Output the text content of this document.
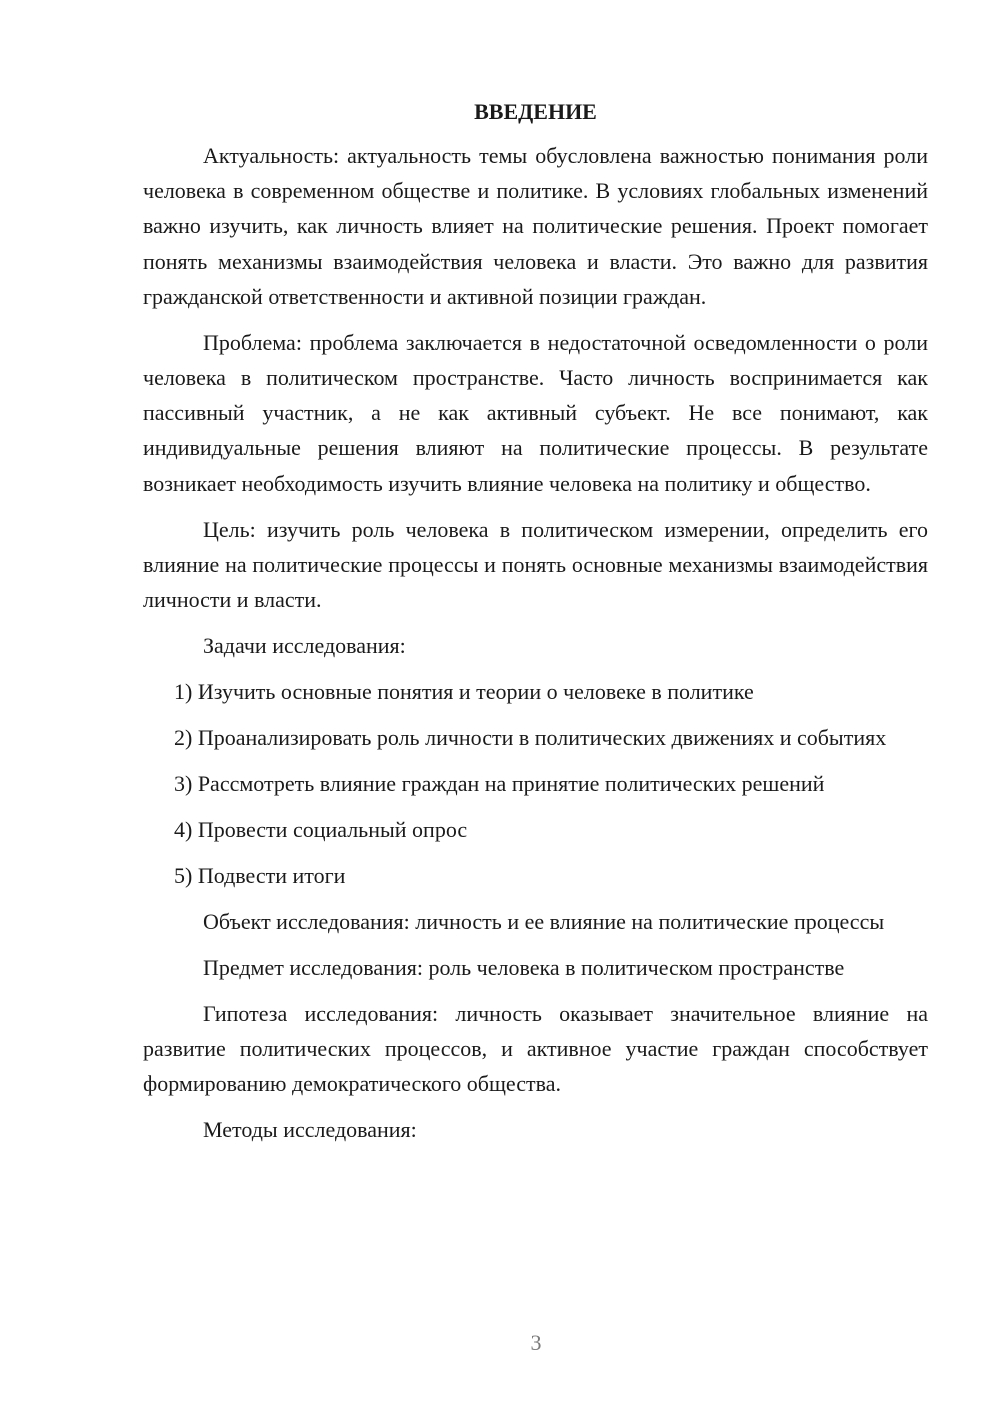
ВВЕДЕНИЕ

Актуальность: актуальность темы обусловлена важностью понимания роли человека в современном обществе и политике. В условиях глобальных изменений важно изучить, как личность влияет на политические решения. Проект помогает понять механизмы взаимодействия человека и власти. Это важно для развития гражданской ответственности и активной позиции граждан.

Проблема: проблема заключается в недостаточной осведомленности о роли человека в политическом пространстве. Часто личность воспринимается как пассивный участник, а не как активный субъект. Не все понимают, как индивидуальные решения влияют на политические процессы. В результате возникает необходимость изучить влияние человека на политику и общество.

Цель: изучить роль человека в политическом измерении, определить его влияние на политические процессы и понять основные механизмы взаимодействия личности и власти.

Задачи исследования:

1) Изучить основные понятия и теории о человеке в политике

2) Проанализировать роль личности в политических движениях и событиях

3) Рассмотреть влияние граждан на принятие политических решений

4) Провести социальный опрос

5) Подвести итоги

Объект исследования: личность и ее влияние на политические процессы

Предмет исследования: роль человека в политическом пространстве

Гипотеза исследования: личность оказывает значительное влияние на развитие политических процессов, и активное участие граждан способствует формированию демократического общества.

Методы исследования:

3
